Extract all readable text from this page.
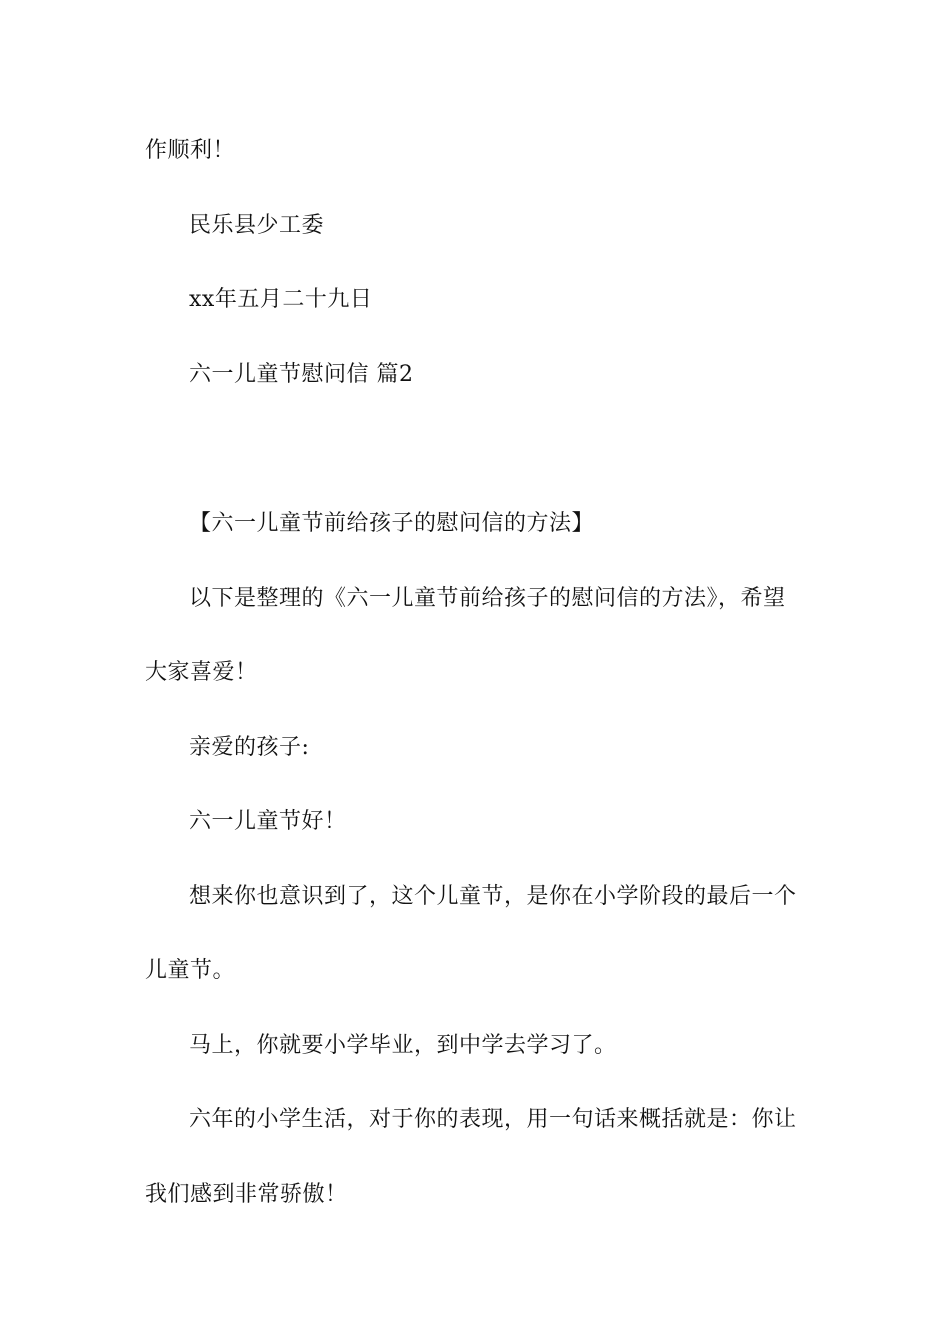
作顺利！
民乐县少工委
xx年五月二十九日
六一儿童节慰问信 篇2
【六一儿童节前给孩子的慰问信的方法】
以下是整理的《六一儿童节前给孩子的慰问信的方法》，希望
大家喜爱！
亲爱的孩子:
六一儿童节好！
想来你也意识到了，这个儿童节，是你在小学阶段的最后一个
儿童节。
马上，你就要小学毕业，到中学去学习了。
六年的小学生活，对于你的表现，用一句话来概括就是：你让
我们感到非常骄傲！
